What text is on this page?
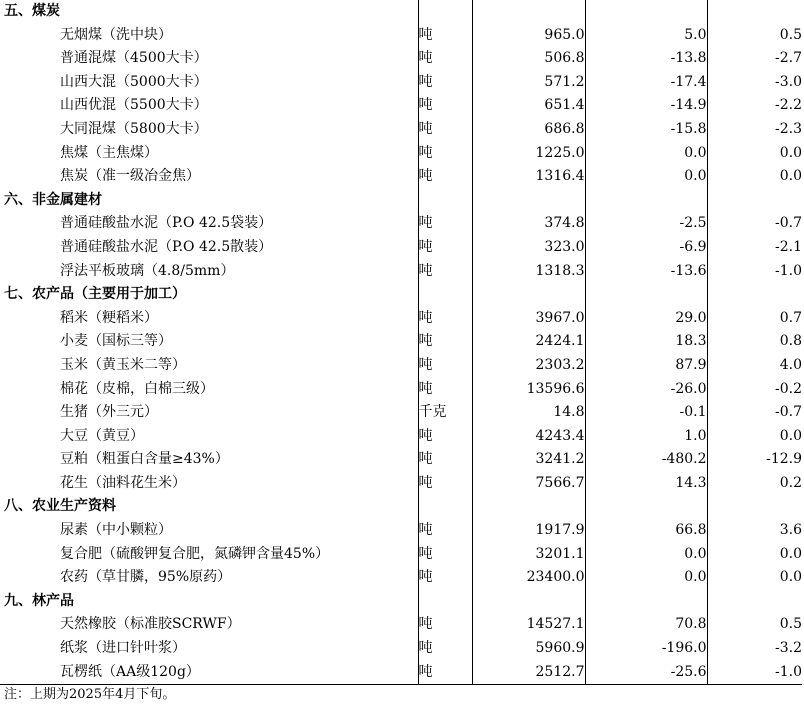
五、煤炭				
无烟煤（洗中块）	吨	965.0	5.0	0.5
普通混煤（4500大卡）	吨	506.8	-13.8	-2.7
山西大混（5000大卡）	吨	571.2	-17.4	-3.0
山西优混（5500大卡）	吨	651.4	-14.9	-2.2
大同混煤（5800大卡）	吨	686.8	-15.8	-2.3
焦煤（主焦煤）	吨	1225.0	0.0	0.0
焦炭（准一级冶金焦）	吨	1316.4	0.0	0.0
六、非金属建材				
普通硅酸盐水泥（P.O 42.5袋装）	吨	374.8	-2.5	-0.7
普通硅酸盐水泥（P.O 42.5散装）	吨	323.0	-6.9	-2.1
浮法平板玻璃（4.8/5mm）	吨	1318.3	-13.6	-1.0
七、农产品（主要用于加工）				
稻米（粳稻米）	吨	3967.0	29.0	0.7
小麦（国标三等）	吨	2424.1	18.3	0.8
玉米（黄玉米二等）	吨	2303.2	87.9	4.0
棉花（皮棉，白棉三级）	吨	13596.6	-26.0	-0.2
生猪（外三元）	千克	14.8	-0.1	-0.7
大豆（黄豆）	吨	4243.4	1.0	0.0
豆粕（粗蛋白含量≥43%）	吨	3241.2	-480.2	-12.9
花生（油料花生米）	吨	7566.7	14.3	0.2
八、农业生产资料				
尿素（中小颗粒）	吨	1917.9	66.8	3.6
复合肥（硫酸钾复合肥，氮磷钾含量45%）	吨	3201.1	0.0	0.0
农药（草甘膦，95%原药）	吨	23400.0	0.0	0.0
九、林产品				
天然橡胶（标准胶SCRWF）	吨	14527.1	70.8	0.5
纸浆（进口针叶浆）	吨	5960.9	-196.0	-3.2
瓦楞纸（AA级120g）	吨	2512.7	-25.6	-1.0
注：上期为2025年4月下旬。
